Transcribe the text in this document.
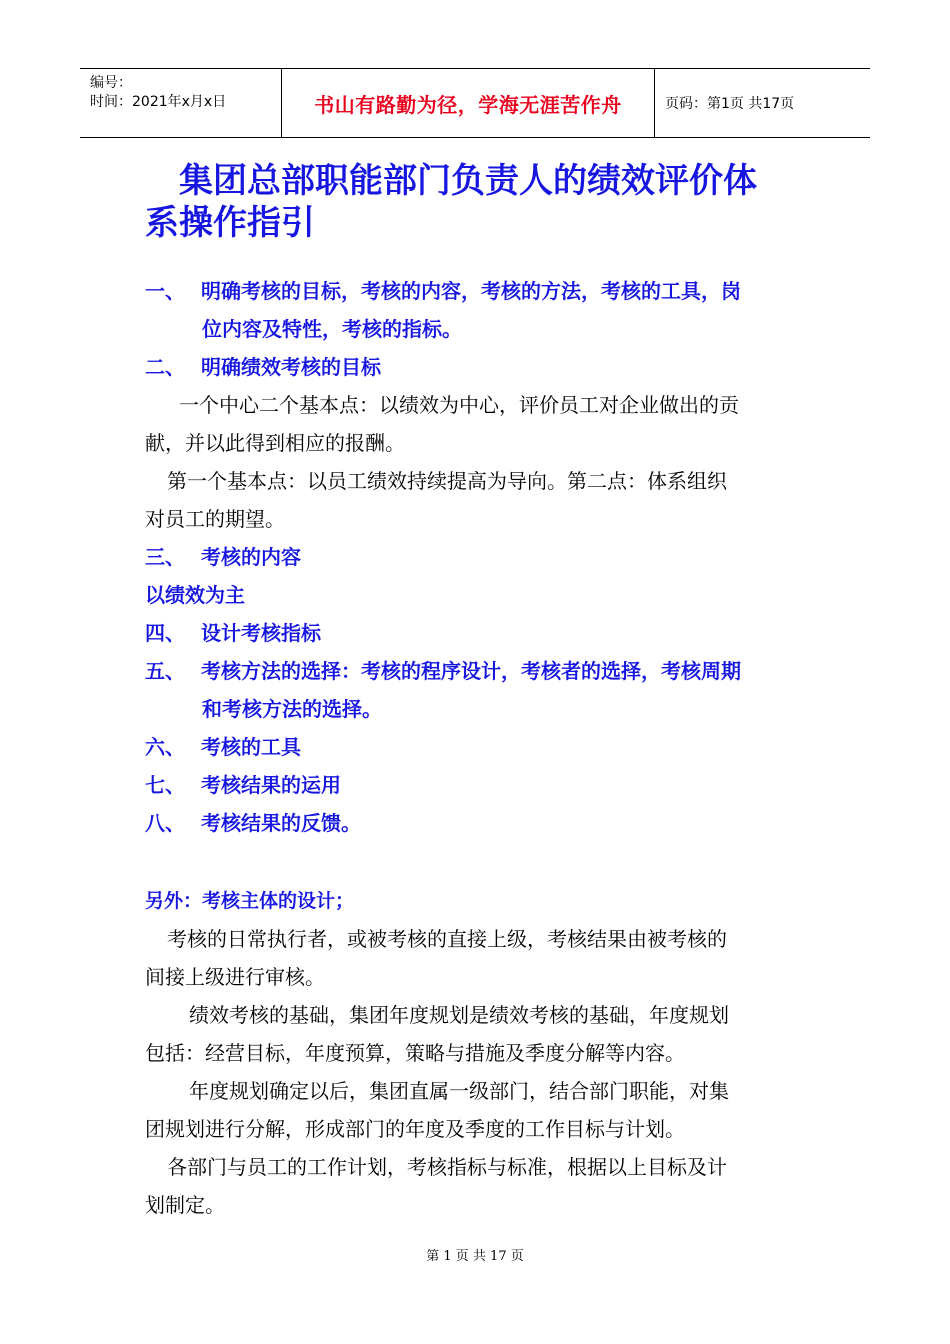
编号：
时间：2021年x月x日	书山有路勤为径，学海无涯苦作舟	页码：第1页 共17页
集团总部职能部门负责人的绩效评价体
系操作指引
一、 明确考核的目标，考核的内容，考核的方法，考核的工具，岗
位内容及特性，考核的指标。
二、 明确绩效考核的目标
一个中心二个基本点：以绩效为中心，评价员工对企业做出的贡
献，并以此得到相应的报酬。
第一个基本点：以员工绩效持续提高为导向。第二点：体系组织
对员工的期望。
三、 考核的内容
以绩效为主
四、 设计考核指标
五、 考核方法的选择：考核的程序设计，考核者的选择，考核周期
和考核方法的选择。
六、 考核的工具
七、 考核结果的运用
八、 考核结果的反馈。
另外：考核主体的设计；
考核的日常执行者，或被考核的直接上级，考核结果由被考核的
间接上级进行审核。
绩效考核的基础，集团年度规划是绩效考核的基础，年度规划
包括：经营目标，年度预算，策略与措施及季度分解等内容。
年度规划确定以后，集团直属一级部门，结合部门职能，对集
团规划进行分解，形成部门的年度及季度的工作目标与计划。
各部门与员工的工作计划，考核指标与标准，根据以上目标及计
划制定。
第 1 页 共 17 页
